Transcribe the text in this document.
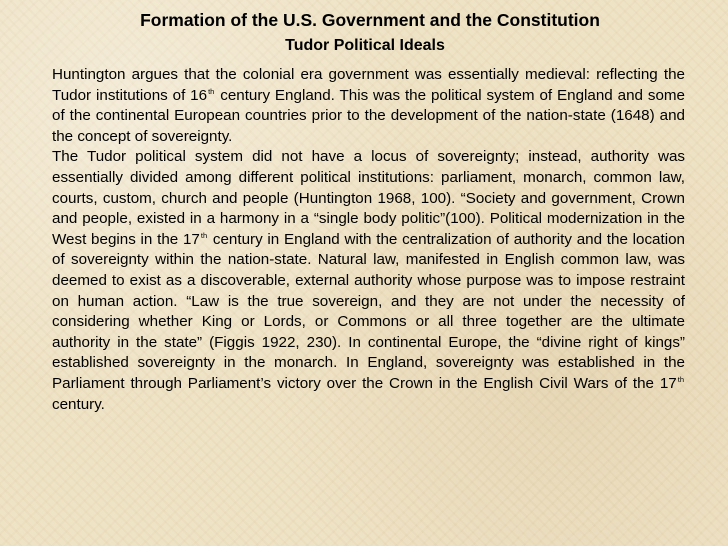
Formation of the U.S. Government and the Constitution
Tudor Political Ideals

Huntington argues that the colonial era government was essentially medieval: reflecting the Tudor institutions of 16th century England. This was the political system of England and some of the continental European countries prior to the development of the nation-state (1648) and the concept of sovereignty.

The Tudor political system did not have a locus of sovereignty; instead, authority was essentially divided among different political institutions: parliament, monarch, common law, courts, custom, church and people (Huntington 1968, 100). “Society and government, Crown and people, existed in a harmony in a “single body politic”(100). Political modernization in the West begins in the 17th century in England with the centralization of authority and the location of sovereignty within the nation-state. Natural law, manifested in English common law, was deemed to exist as a discoverable, external authority whose purpose was to impose restraint on human action. “Law is the true sovereign, and they are not under the necessity of considering whether King or Lords, or Commons or all three together are the ultimate authority in the state” (Figgis 1922, 230). In continental Europe, the “divine right of kings” established sovereignty in the monarch. In England, sovereignty was established in the Parliament through Parliament’s victory over the Crown in the English Civil Wars of the 17th century.
